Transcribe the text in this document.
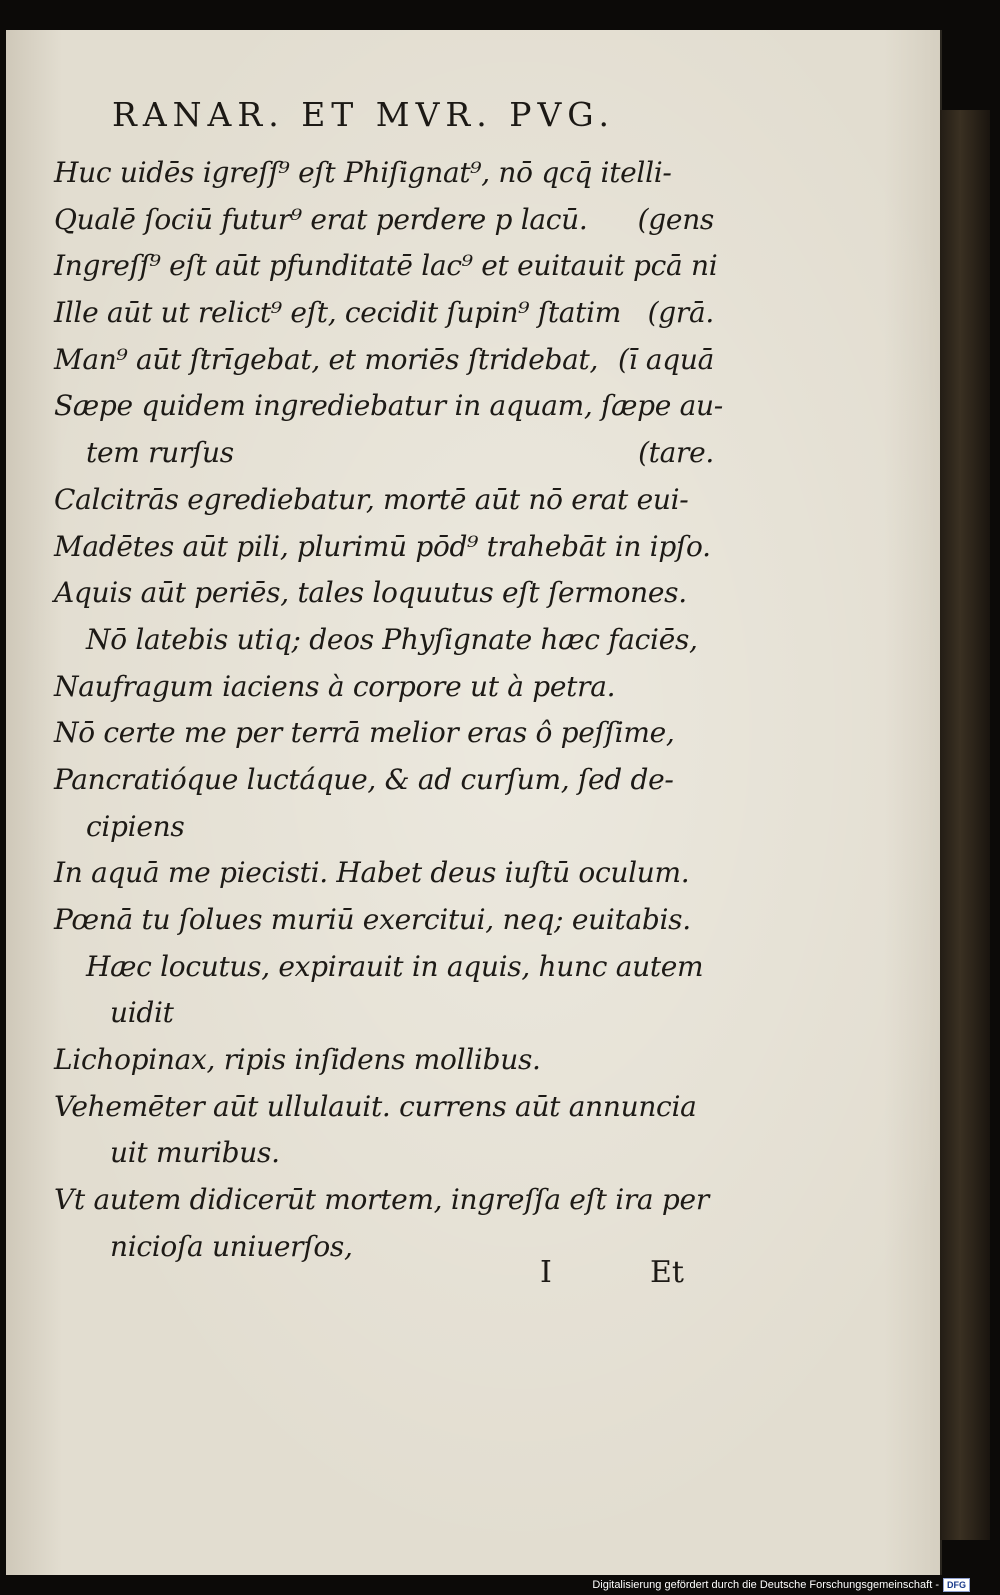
RANAR. ET MVR. PVG.
Huc uidēs igreſſ⁹ eſt Phiſignat⁹, nō qcq̄ itelli-
Qualē ſociū futur⁹ erat perdere p lacū. (gens
Ingreſſ⁹ eſt aūt pfunditatē lac⁹ et euitauit pcā ni
Ille aūt ut relict⁹ eſt, cecidit ſupin⁹ ſtatim (grā.
Man⁹ aūt ſtrīgebat, et moriēs ſtridebat, (ī aquā
Sæpe quidem ingrediebatur in aquam, ſæpe au-
tem rurſus	(tare.
Calcitrās egrediebatur, mortē aūt nō erat eui-
Madētes aūt pili, plurimū pōd⁹ trahebāt in ipſo.
Aquis aūt periēs, tales loquutus eſt ſermones.
Nō latebis utiq; deos Phyſignate hæc faciēs,
Naufragum iaciens à corpore ut à petra.
Nō certe me per terrā melior eras ô peſſime,
Pancratióque luctáque, & ad curſum, ſed de-
cipiens
In aquā me piecisti. Habet deus iuſtū oculum.
Pœnā tu ſolues muriū exercitui, neq; euitabis.
Hæc locutus, expirauit in aquis, hunc autem
uidit
Lichopinax, ripis inſidens mollibus.
Vehemēter aūt ullulauit. currens aūt annuncia
uit muribus.
Vt autem didicerūt mortem, ingreſſa eſt ira per
nicioſa uniuerſos,
I	Et
Digitalisierung gefördert durch die Deutsche Forschungsgemeinschaft - DFG
